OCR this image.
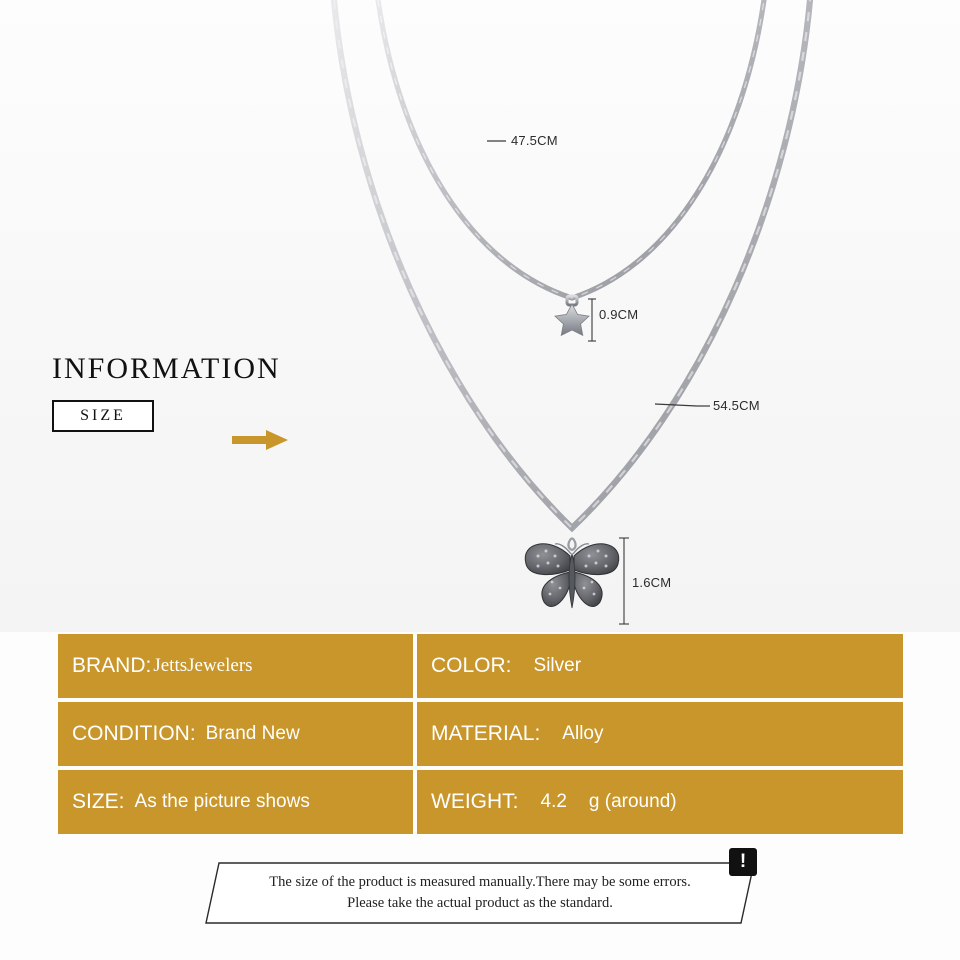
47.5CM
0.9CM
54.5CM
1.6CM
INFORMATION
SIZE
BRAND: JettsJewelers	COLOR: Silver
CONDITION: Brand New	MATERIAL: Alloy
SIZE: As the picture shows	WEIGHT: 4.2 g (around)
!
The size of the product is measured manually.There may be some errors.
Please take the actual product as the standard.
